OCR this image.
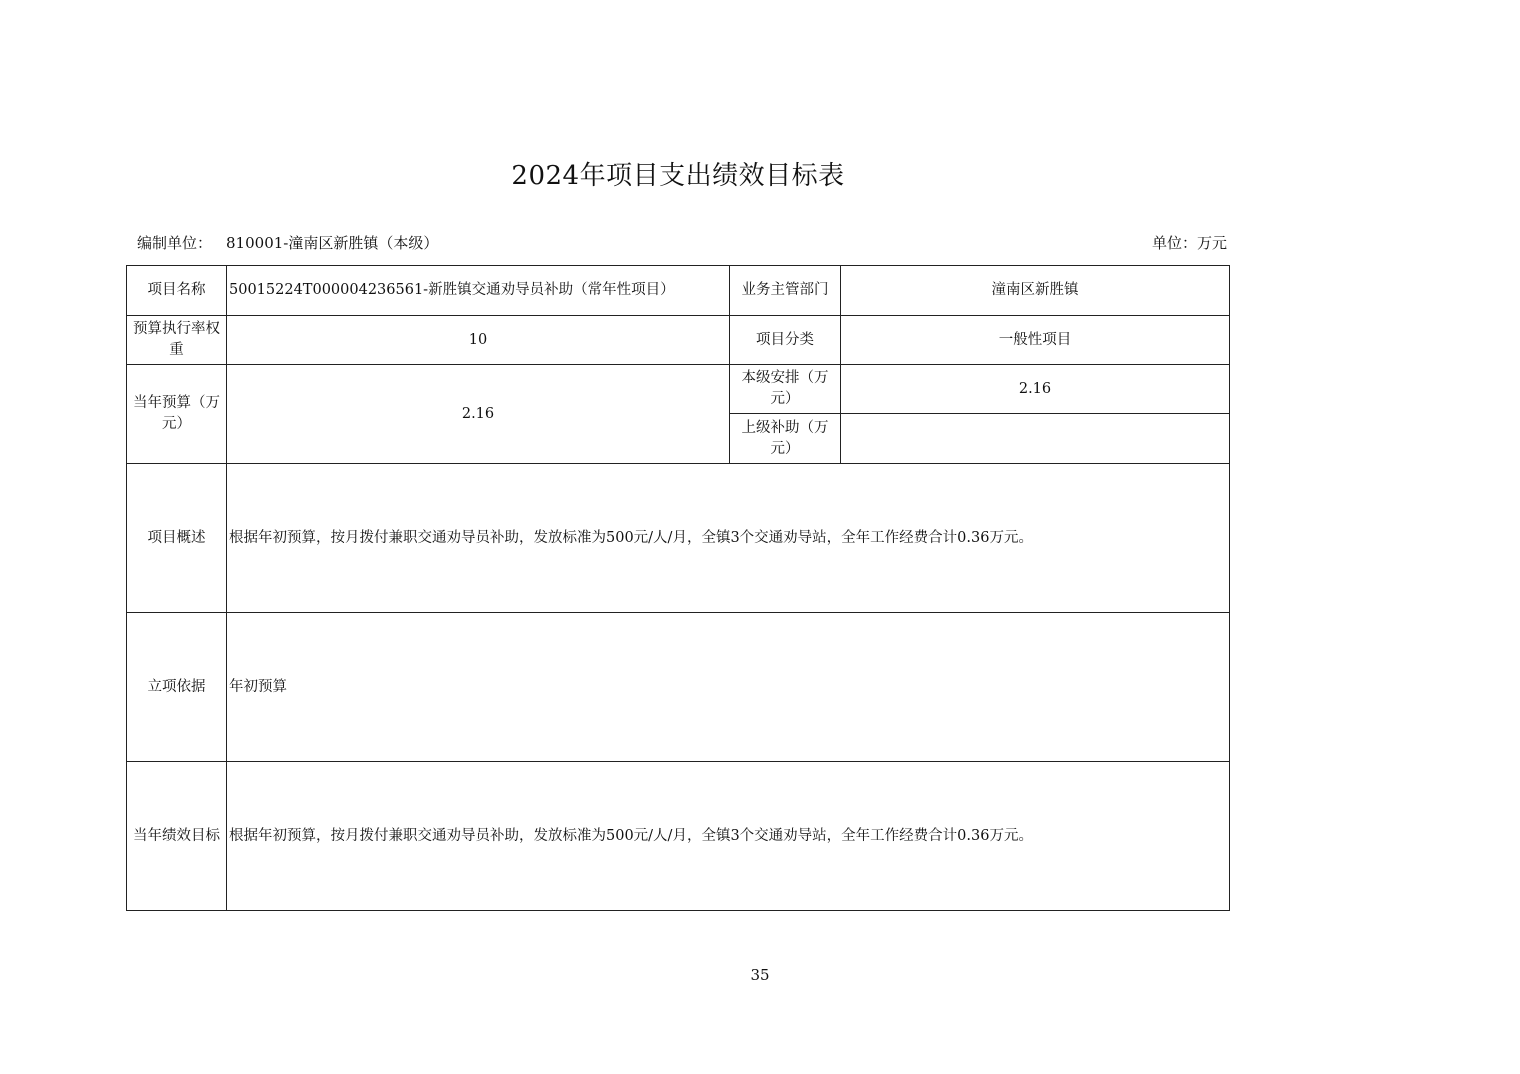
2024年项目支出绩效目标表
编制单位： 810001-潼南区新胜镇（本级）	单位：万元
项目名称	50015224T000004236561-新胜镇交通劝导员补助（常年性项目）	业务主管部门	潼南区新胜镇
预算执行率权重	10	项目分类	一般性项目
当年预算（万元）	2.16	本级安排（万元）	2.16
		上级补助（万元）	
项目概述	根据年初预算，按月拨付兼职交通劝导员补助，发放标准为500元/人/月，全镇3个交通劝导站，全年工作经费合计0.36万元。		
立项依据	年初预算		
当年绩效目标	根据年初预算，按月拨付兼职交通劝导员补助，发放标准为500元/人/月，全镇3个交通劝导站，全年工作经费合计0.36万元。		
35
